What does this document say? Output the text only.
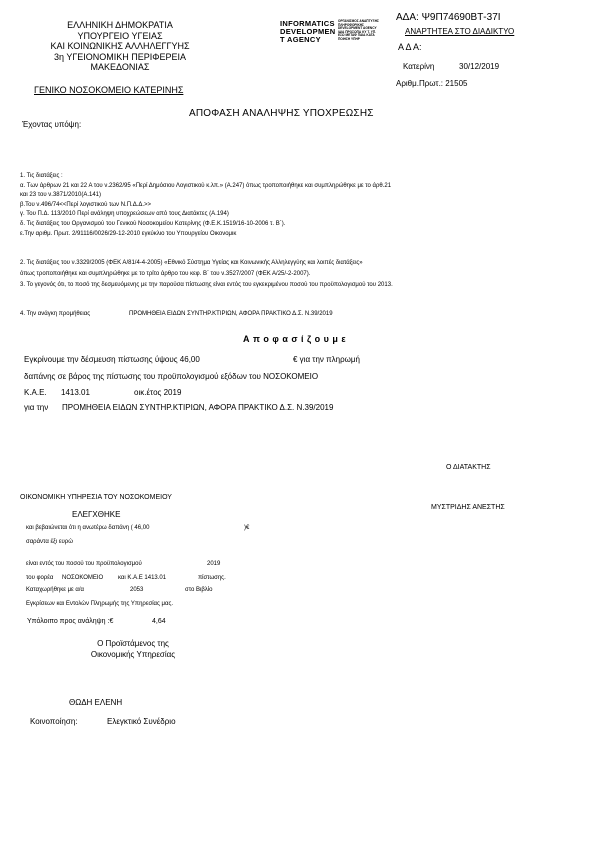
ΕΛΛΗΝΙΚΗ ΔΗΜΟΚΡΑΤΙΑ
ΥΠΟΥΡΓΕΙΟ ΥΓΕΙΑΣ
ΚΑΙ ΚΟΙΝΩΝΙΚΗΣ ΑΛΛΗΛΕΓΓΥΗΣ
3η ΥΓΕΙΟΝΟΜΙΚΗ ΠΕΡΙΦΕΡΕΙΑ
ΜΑΚΕΔΟΝΙΑΣ
ΓΕΝΙΚΟ ΝΟΣΟΚΟΜΕΙΟ ΚΑΤΕΡΙΝΗΣ
INFORMATICS
DEVELOPMEN
T AGENCY
ΟΡΓΑΝΙΣΜΟΣ ΑΝΑΠΤΥΞΗΣ ΠΛΗΡΟΦΟΡΙΚΗΣ DEVELOPMENT AGENCY ΙΔΙΑ ΠΡΟΣΩΠΑ ΚΥ Τ. ΥΠ. ΕΣΩ ΜΕΤΑΦ ΠΑΙΔ ΚΑΤΑ ΠΟΙΗΣΗ ΥΠΗΡ
ΑΔΑ: Ψ9Π74690ΒΤ-37Ι
ΑΝΑΡΤΗΤΕΑ ΣΤΟ ΔΙΑΔΙΚΤΥΟ
Α Δ Α:
Κατερίνη	30/12/2019
Αριθμ.Πρωτ.: 21505
ΑΠΟΦΑΣΗ ΑΝΑΛΗΨΗΣ ΥΠΟΧΡΕΩΣΗΣ
Έχοντας υπόψη:
1. Τις διατάξεις :
α. Των άρθρων 21 και 22 Α του ν.2362/95 «Περί Δημόσιου Λογιστικού κ.λπ.» (Α.247) όπως τροποποιήθηκε και συμπληρώθηκε με το άρθ.21
και 23 του ν.3871/2010(Α.141)
β.Του ν.496/74<<Περί λογιστικού των Ν.Π.Δ.Δ.>>
γ. Του Π.Δ. 113/2010 Περί ανάληψη υποχρεώσεων από τους Διατάκτες (Α.194)
δ. Τις διατάξεις του Οργανισμού του Γενικού Νοσοκομείου Κατερίνης (Φ.Ε.Κ.1519/16-10-2006 τ. Β΄).
ε.Την αριθμ. Πρωτ. 2/91116/0026/29-12-2010 εγκύκλιο του Υπουργείου Οικονομικ
2. Τις διατάξεις του ν.3329/2005 (ΦΕΚ Α/81/4-4-2005) «Εθνικό Σύστημα Υγείας και Κοινωνικής Αλληλεγγύης και λοιπές διατάξεις»
όπως τροποποιήθηκε και συμπληρώθηκε με το τρίτο άρθρο του κεφ. Β΄ του ν.3527/2007 (ΦΕΚ Α/25/-2-2007).
3. Το γεγονός ότι, το ποσό της δεσμευόμενης με την παρούσα πίστωσης είναι εντός του εγκεκριμένου ποσού του προϋπολογισμού του 2013.
4. Την ανάγκη προμήθειας	ΠΡΟΜΗΘΕΙΑ ΕΙΔΩΝ ΣΥΝΤΗΡ.ΚΤΙΡΙΩΝ, ΑΦΟΡΑ ΠΡΑΚΤΙΚΟ Δ.Σ. Ν.39/2019
Α π ο φ α σ ί ζ ο υ μ ε
Εγκρίνουμε την δέσμευση πίστωσης ύψους 46,00	€ για την πληρωμή
δαπάνης σε βάρος της πίστωσης του προϋπολογισμού εξόδων του ΝΟΣΟΚΟΜΕΙΟ
Κ.Α.Ε. 1413.01	οικ.έτος 2019
για την ΠΡΟΜΗΘΕΙΑ ΕΙΔΩΝ ΣΥΝΤΗΡ.ΚΤΙΡΙΩΝ, ΑΦΟΡΑ ΠΡΑΚΤΙΚΟ Δ.Σ. Ν.39/2019
Ο ΔΙΑΤΑΚΤΗΣ
ΜΥΣΤΡΙΔΗΣ ΑΝΕΣΤΗΣ
ΟΙΚΟΝΟΜΙΚΗ ΥΠΗΡΕΣΙΑ ΤΟΥ ΝΟΣΟΚΟΜΕΙΟΥ
ΕΛΕΓΧΘΗΚΕ
και βεβαιώνεται ότι η ανωτέρω δαπάνη ( 46,00	)€
σαράντα έξι ευρώ
είναι εντός του ποσού του προϋπολογισμού	2019
του φορέα ΝΟΣΟΚΟΜΕΙΟ και Κ.Α.Ε 1413.01	πίστωσης.
Καταχωρήθηκε με α/α	2053	στο Βιβλίο
Εγκρίσεων και Εντολών Πληρωμής της Υπηρεσίας μας.
Υπόλοιπο προς ανάληψη :€	4,64
Ο Προϊστάμενος της
Οικονομικής Υπηρεσίας
ΘΩΔΗ ΕΛΕΝΗ
Κοινοποίηση:	Ελεγκτικό Συνέδριο
